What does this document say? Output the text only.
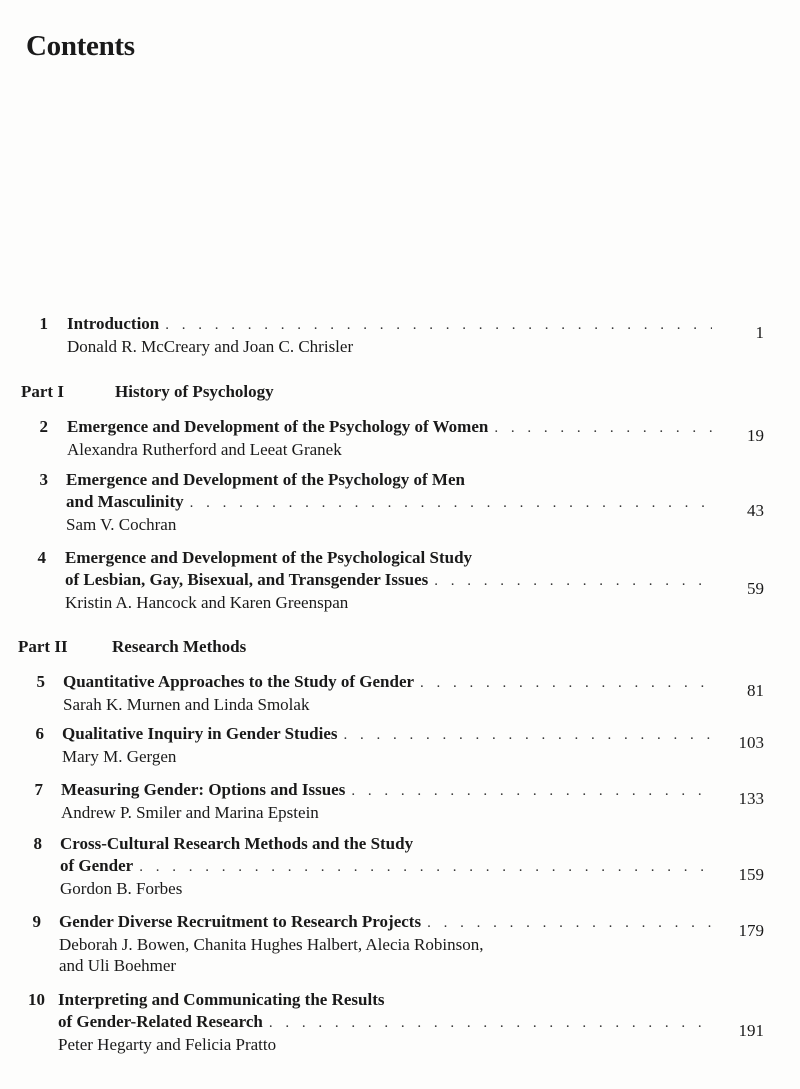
Contents
Part I	History of Psychology
Part II	Research Methods
1 Introduction
. . .
Donald R. McCreary and Joan C. Chrisler
1
2 Emergence and Development of the Psychology of Women
. . .
Alexandra Rutherford and Leeat Granek
19
3 Emergence and Development of the Psychology of Men
and Masculinity
. . .
Sam V. Cochran
43
4 Emergence and Development of the Psychological Study
of Lesbian, Gay, Bisexual, and Transgender Issues
. . .
Kristin A. Hancock and Karen Greenspan
59
5 Quantitative Approaches to the Study of Gender
. . .
Sarah K. Murnen and Linda Smolak
81
6 Qualitative Inquiry in Gender Studies
. . .
Mary M. Gergen
103
7 Measuring Gender: Options and Issues
. . .
Andrew P. Smiler and Marina Epstein
133
8 Cross-Cultural Research Methods and the Study
of Gender
. . .
Gordon B. Forbes
159
9 Gender Diverse Recruitment to Research Projects
. . .
Deborah J. Bowen, Chanita Hughes Halbert, Alecia Robinson,
and Uli Boehmer
179
10 Interpreting and Communicating the Results
of Gender-Related Research
. . .
Peter Hegarty and Felicia Pratto
191
